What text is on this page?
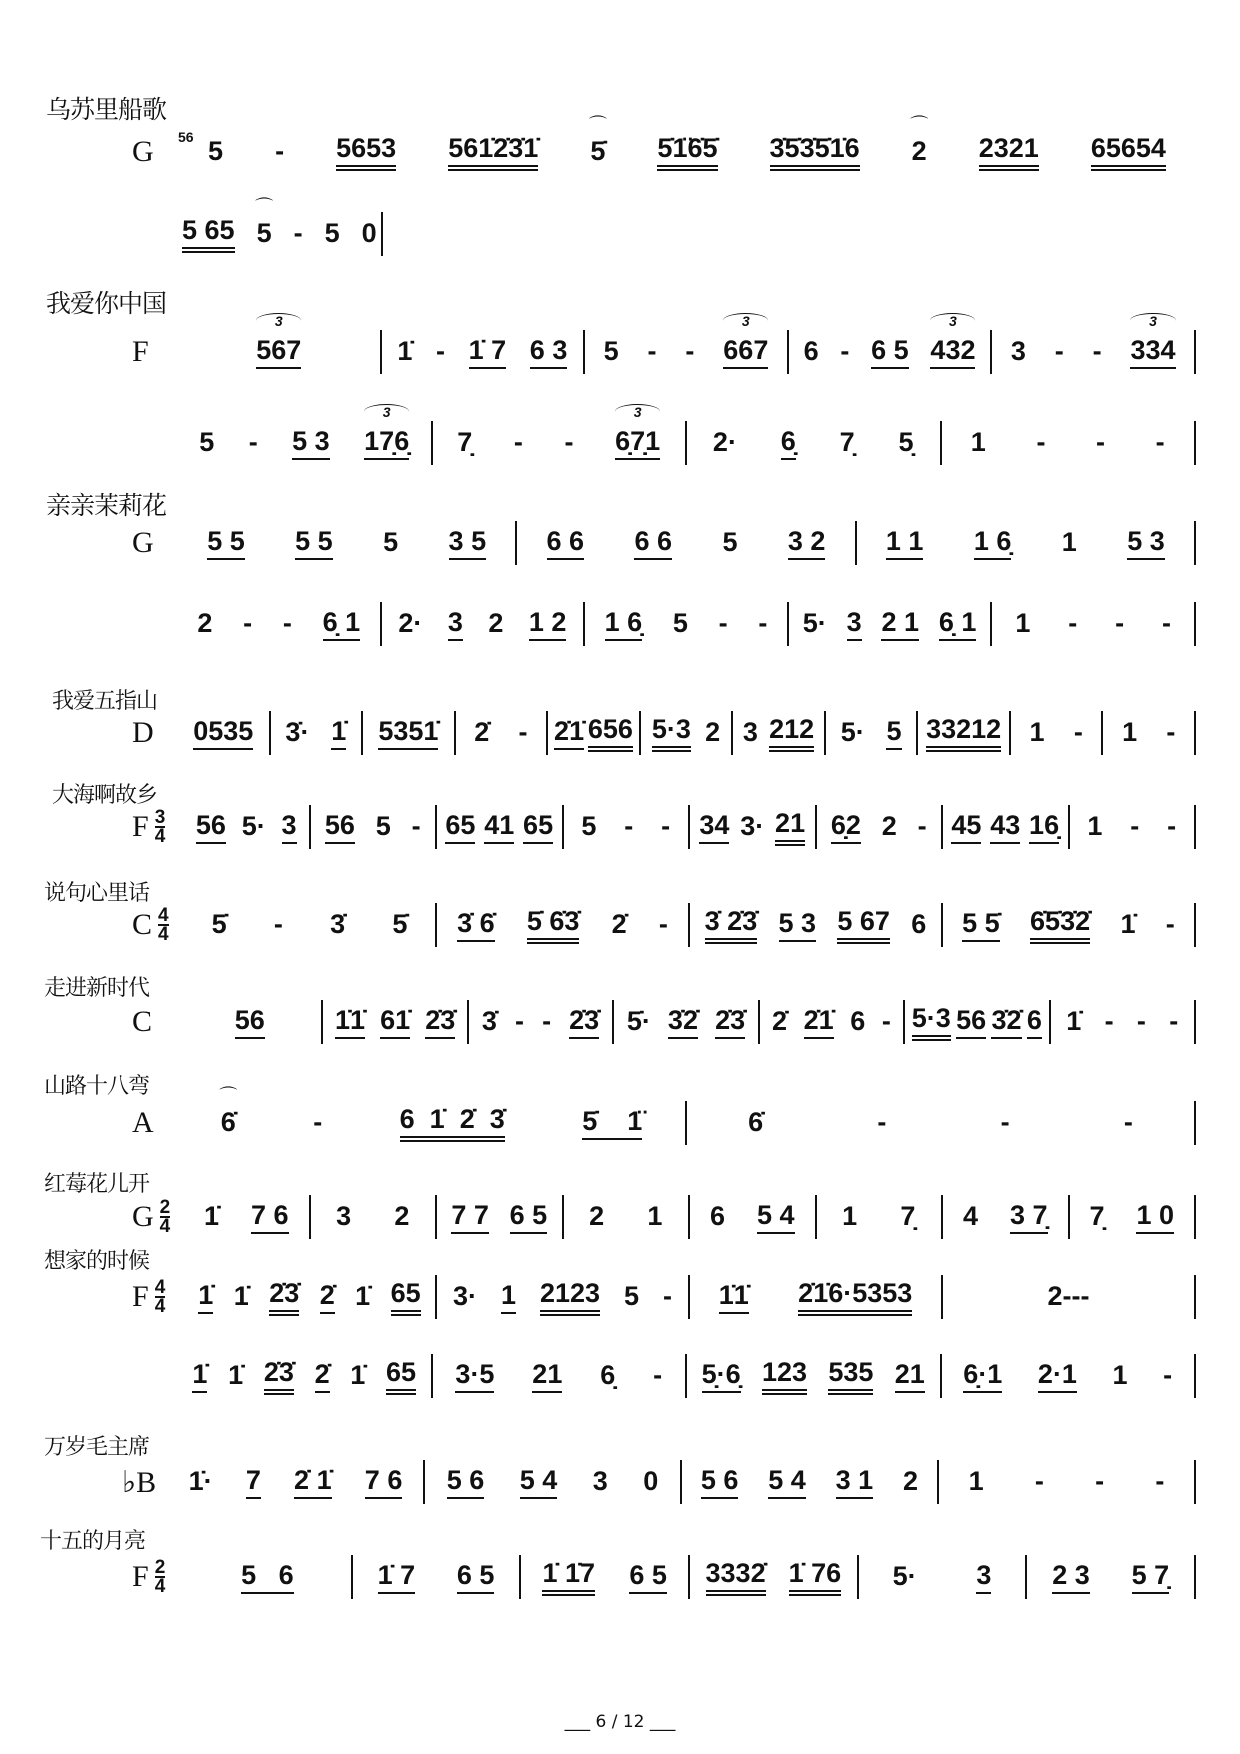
乌苏里船歌
G 56 5 - 5653 561̇2̇3̇1̇ 5̇
⌒
5̇1̈6̇5̇ 3̇5̇3̇5̇1̇6 2
⌒
2321 65654
5 65 5
⌒
- 5 0
我爱你中国
F	567
3
1̇ - 1̇ 7 6 3 5 - - 667
3
6 - 6 5 432
3
3 - - 334
3
5 - 5 3 17̣6̣
3
7̣ - - 6̣7̣1
3
2· 6̣ 7̣ 5̣ 1 - - -
亲亲茉莉花
G 5 5 5 5 5 3 5 6 6 6 6 5 3 2 1 1 1 6̣ 1 5 3
2 - - 6̣ 1 2· 3 2 1 2 1 6̣ 5 - - 5· 3 2 1 6̣ 1 1 - - -
我爱五指山
D 0535 3̇· 1̇ 5351̇ 2̇ - 2̇1̇ 656 5·3 2 3 212 5· 5 33212 1 - 1 -
大海啊故乡
F 3
4 56 5· 3 56 5 - 65 41 65 5 - - 34 3· 21 6̣2 2 - 45 43 16̣ 1 - -
说句心里话
C 4
4 5̇ - 3̇ 5̇ 3̇ 6̇ 5̇ 6̇3̇ 2̇ - 3̇ 2̇3̇ 5 3 5 67 6 5 5̇ 6̇5̇3̇2̇ 1̇ -
走进新时代
C	56	1̇1̇ 61̇ 2̇3̇ 3̇ - - 2̇3̇ 5̇· 3̇2̇ 2̇3̇ 2̇ 2̇1̇ 6 - 5·3 56 3̇2̇ 6 1̇ - - -
山路十八弯
A 6̇
⌒
-	6  1̇  2̇  3̇	5̇    1̈	6̇	-	-	-
红莓花儿开
G 2
4 1̇ 7 6 3 2 7 7 6 5 2 1 6 5 4 1 7̣ 4 3 7̣ 7̣ 1 0
想家的时候
F 4
4 1̇ 1̇ 2̇3̇ 2̇ 1̇ 65 3· 1 2123 5 - 1̇1̇ 2̇1̇6·5353	2---
1̇ 1̇ 2̇3̇ 2̇ 1̇ 65 3·5 21 6̣ - 5̣·6̣ 123 535 21 6̣·1 2·1 1 -
万岁毛主席
♭B 1̇· 7 2̇ 1̇ 7 6 5 6 5 4 3 0 5 6 5 4 3 1 2 1 - - -
十五的月亮
F 2
4	5   6	1̇ 7 6 5 1̇ 1̇7 6 5 3332̇ 1̇ 76 5· 3 2 3 5 7̣
___ 6 / 12 ___
